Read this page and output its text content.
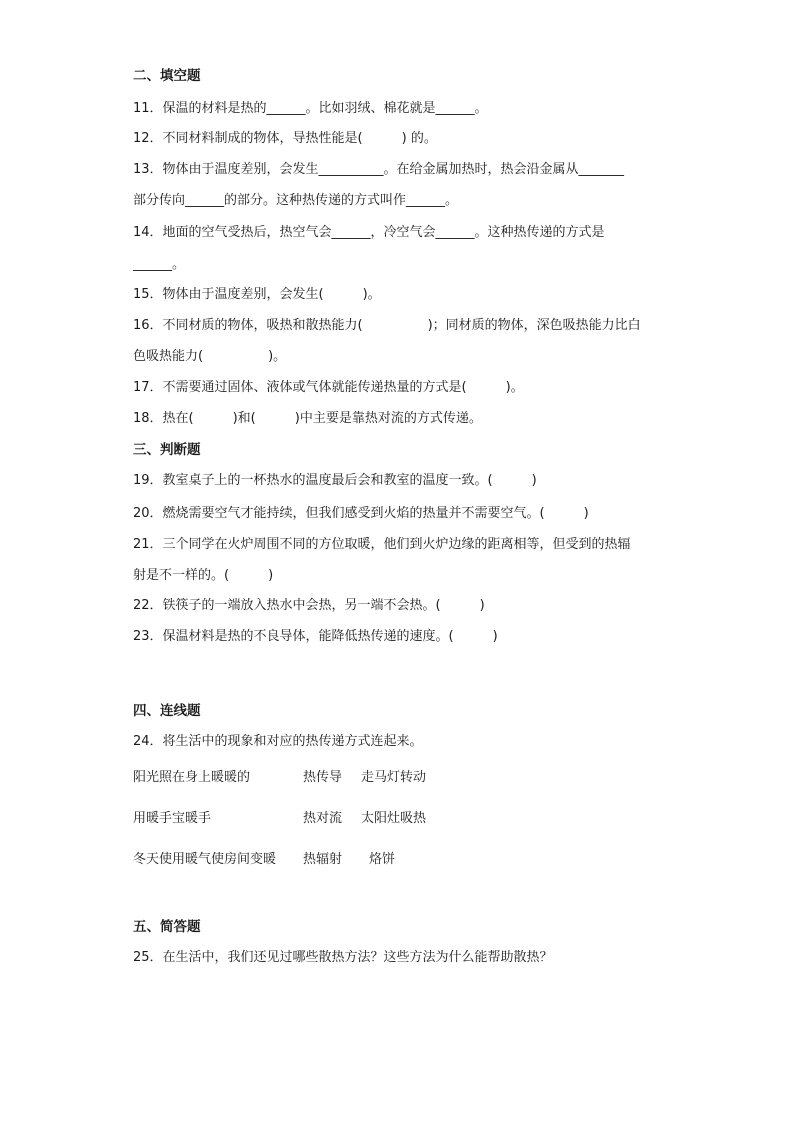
二、填空题
11．保温的材料是热的______。比如羽绒、棉花就是______。
12．不同材料制成的物体，导热性能是(　　　) 的。
13．物体由于温度差别，会发生__________。在给金属加热时，热会沿金属从_______
部分传向______的部分。这种热传递的方式叫作______。
14．地面的空气受热后，热空气会______，冷空气会______。这种热传递的方式是
______。
15．物体由于温度差别，会发生(　　　)。
16．不同材质的物体，吸热和散热能力(　　　　　)；同材质的物体，深色吸热能力比白
色吸热能力(　　　　　)。
17．不需要通过固体、液体或气体就能传递热量的方式是(　　　)。
18．热在(　　　)和(　　　)中主要是靠热对流的方式传递。
三、判断题
19．教室桌子上的一杯热水的温度最后会和教室的温度一致。(　　　)
20．燃烧需要空气才能持续，但我们感受到火焰的热量并不需要空气。(　　　)
21．三个同学在火炉周围不同的方位取暖，他们到火炉边缘的距离相等，但受到的热辐
射是不一样的。(　　　)
22．铁筷子的一端放入热水中会热，另一端不会热。(　　　)
23．保温材料是热的不良导体，能降低热传递的速度。(　　　)
四、连线题
24．将生活中的现象和对应的热传递方式连起来。
阳光照在身上暖暖的	热传导 走马灯转动
用暖手宝暖手	热对流 太阳灶吸热
冬天使用暖气使房间变暖 热辐射 烙饼
五、简答题
25．在生活中，我们还见过哪些散热方法？这些方法为什么能帮助散热？
